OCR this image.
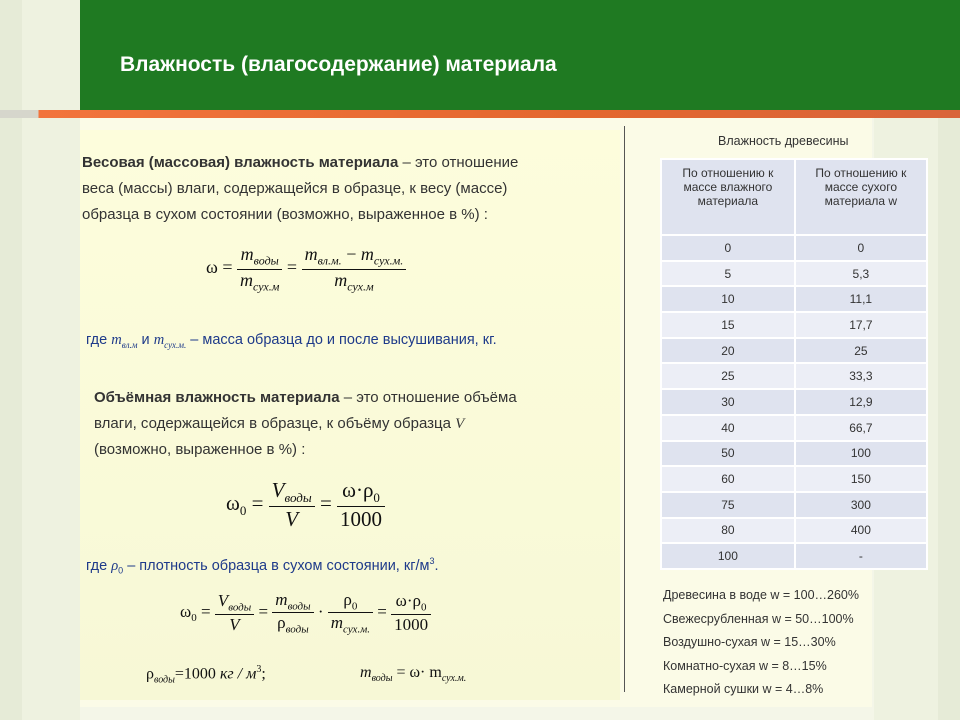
Влажность (влагосодержание) материала
Весовая (массовая) влажность материала – это отношение
веса (массы) влаги, содержащейся в образце, к весу (массе)
образца в сухом состоянии (возможно, выраженное в %) :
$\omega = \frac{m_{воды}}{m_{сух.м}} = \frac{m_{вл.м.} - m_{сух.м.}}{m_{сух.м}}$
где $m_{вл.м}$ и $m_{сух.м.}$ – масса образца до и после высушивания, кг.
Объёмная влажность материала – это отношение объёма
влаги, содержащейся в образце, к объёму образца V
(возможно, выраженное в %) :
$\omega_0 = \frac{V_{воды}}{V} = \frac{\omega\cdot\rho_0}{1000}$
где $\rho_0$ – плотность образца в сухом состоянии, $кг/м^3$.
$\omega_0 = \frac{V_{воды}}{V} = \frac{m_{воды}}{\rho_{воды}} \cdot \frac{\rho_0}{m_{сух.м.}} = \frac{\omega\cdot\rho_0}{1000}$
$\rho_{воды}=1000$ кг / $м^3$;	$m_{воды} = \omega\cdot m_{сух.м.}$
Влажность древесины
По отношению к массе влажного материала	По отношению к массе сухого материала w
0	0
5	5,3
10	11,1
15	17,7
20	25
25	33,3
30	12,9
40	66,7
50	100
60	150
75	300
80	400
100	-
Древесина в воде w = 100…260%
Свежесрубленная w = 50…100%
Воздушно-сухая w = 15…30%
Комнатно-сухая w = 8…15%
Камерной сушки w = 4…8%
